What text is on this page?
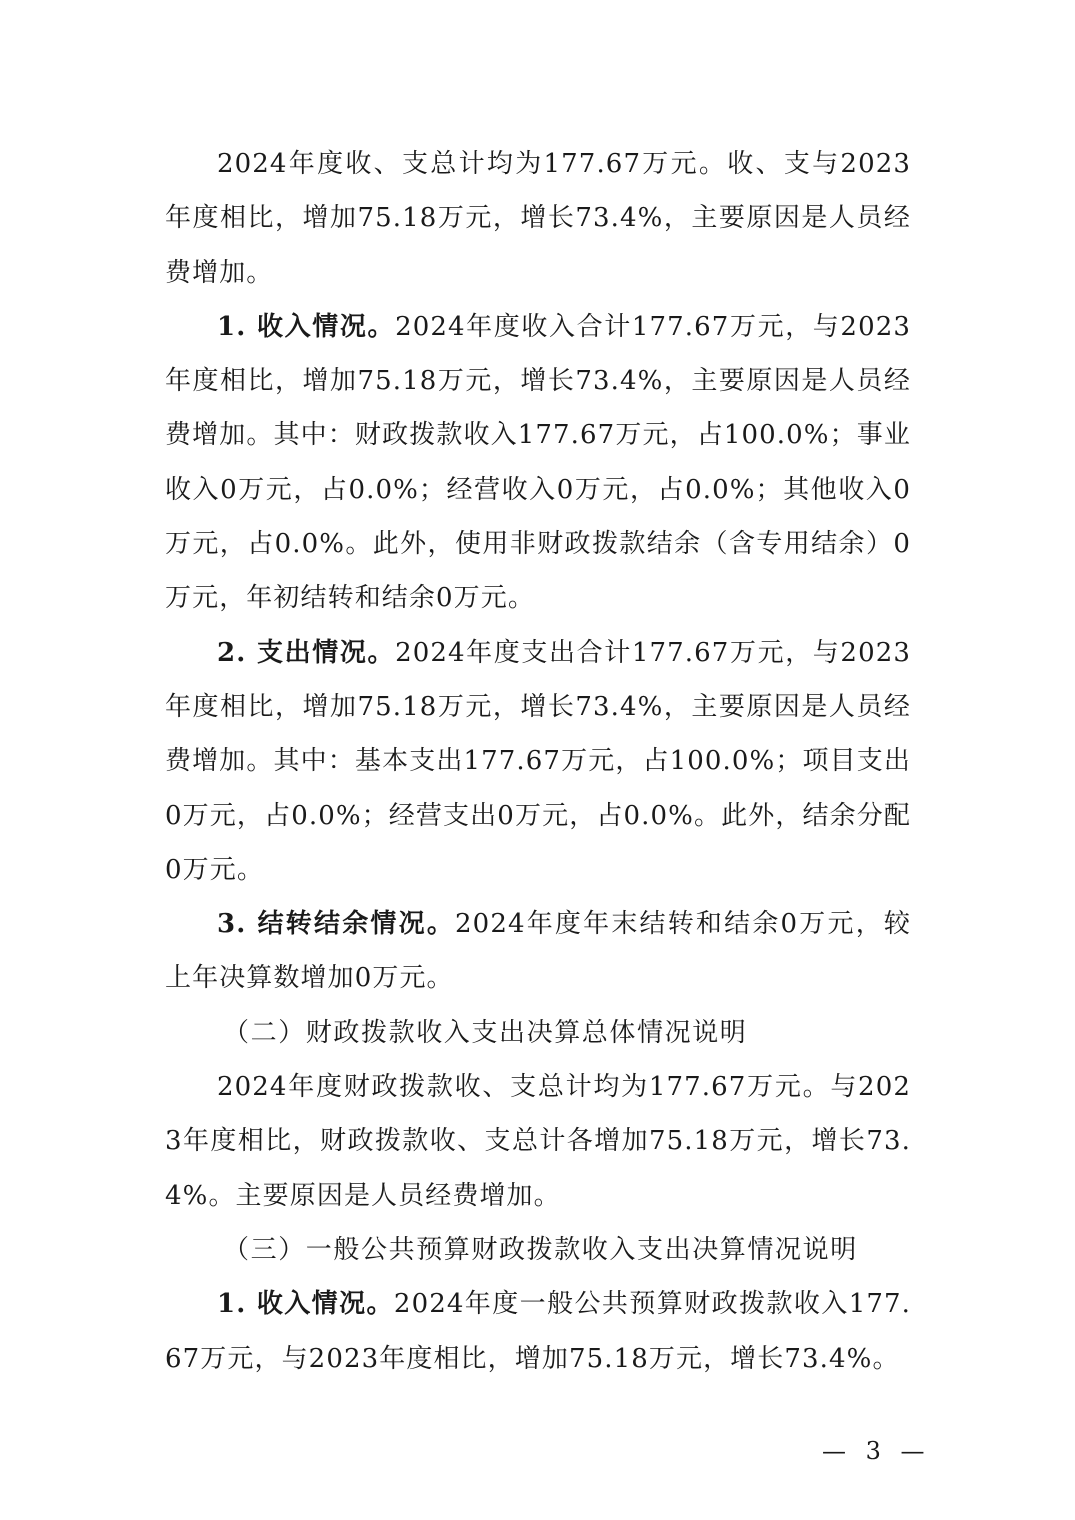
2024年度收、支总计均为177.67万元。收、支与2023年度相比，增加75.18万元，增长73.4%，主要原因是人员经费增加。

1. 收入情况。2024年度收入合计177.67万元，与2023年度相比，增加75.18万元，增长73.4%，主要原因是人员经费增加。其中：财政拨款收入177.67万元，占100.0%；事业收入0万元，占0.0%；经营收入0万元，占0.0%；其他收入0万元，占0.0%。此外，使用非财政拨款结余（含专用结余）0万元，年初结转和结余0万元。

2. 支出情况。2024年度支出合计177.67万元，与2023年度相比，增加75.18万元，增长73.4%，主要原因是人员经费增加。其中：基本支出177.67万元，占100.0%；项目支出0万元，占0.0%；经营支出0万元，占0.0%。此外，结余分配0万元。

3. 结转结余情况。2024年度年末结转和结余0万元，较上年决算数增加0万元。

（二）财政拨款收入支出决算总体情况说明

2024年度财政拨款收、支总计均为177.67万元。与2023年度相比，财政拨款收、支总计各增加75.18万元，增长73.4%。主要原因是人员经费增加。

（三）一般公共预算财政拨款收入支出决算情况说明

1. 收入情况。2024年度一般公共预算财政拨款收入177.67万元，与2023年度相比，增加75.18万元，增长73.4%。

— 3 —
